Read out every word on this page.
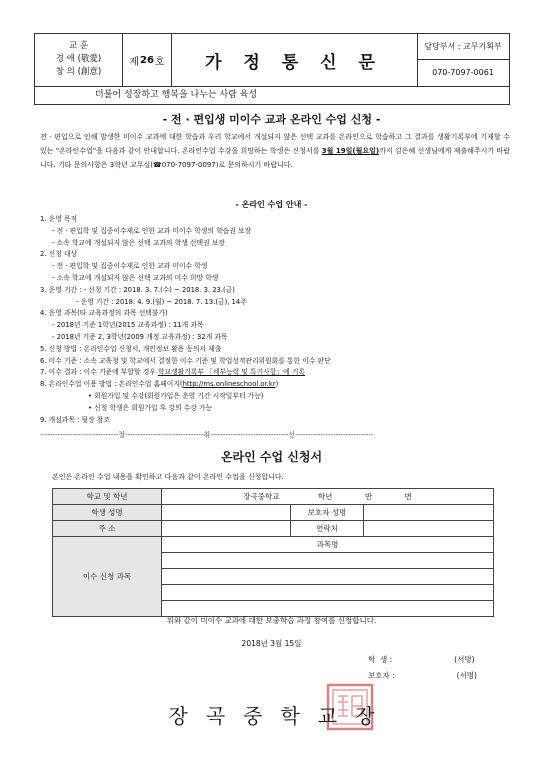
교 훈
경 애 (敬愛)
창 의 (創意)
제 26 호	가 정 통 신 문
담당부서 : 교무기획부
070-7097-0061
더불어 성장하고 행복을 나누는 사람 육성
- 전 · 편입생 미이수 교과 온라인 수업 신청 -
전 · 편입으로 인해 발생한 미이수 교과에 대한 학습과 우리 학교에서 개설되지 않은 선택 교과를 온라인으로 학습하고 그 결과를 생활기록부에 기재할 수 있는 "온라인수업"을 다음과 같이 안내합니다. 온라인수업 수강을 희망하는 학생은 신청서를 3월 19일(월요일)까지 김은혜 선생님에게 제출해주시기 바랍니다. 기타 문의사항은 3학년 교무실(☎070-7097-0097)로 문의하시기 바랍니다.
- 온라인 수업 안내 -
1. 운영 목적
- 전 · 편입학 및 집중이수제로 인한 교과 미이수 학생의 학습권 보장
- 소속 학교에 개설되지 않은 선택 교과의 학생 선택권 보장
2. 신청 대상
- 전 · 편입학 및 집중이수제로 인한 교과 미이수 학생
- 소속 학교에 개설되지 않은 선택 교과의 미수 희망 학생
3. 운영 기간 : - 신청 기간 : 2018. 3. 7.(수) ~ 2018. 3. 23.(금)
- 운영 기간 : 2018. 4. 9.(월) ~ 2018. 7. 13.(금), 14주
4. 운영 과목(타 교육과정의 과목 선택불가)
- 2018년 기준 1학년(2015 교육과정) : 11개 과목
- 2018년 기준 2, 3학년(2009 개정 교육과정) : 32개 과목
5. 신청 방법 : 온라인수업 신청서, 개인정보 활용 동의서 제출
6. 이수 기준 : 소속 교육청 및 학교에서 결정한 이수 기준 및 학업성적관리위원회를 통한 이수 판단
7. 이수 결과 : 이수 기준에 부합할 경우 학교생활기록부 「세부능력 및 특기사항」에 기록
8. 온라인수업 이용 방법 : 온라인수업 홈페이지(http://ms.onlineschool.or.kr)
• 회원가입 및 수강(회원가입은 운영 기간 시작일부터 가능)
• 신청 학생은 회원가입 후 강의 수강 가능
9. 개설과목 : 뒷장 참조
-------------------------------절-------------------------------취-------------------------------선-------------------------------
온라인 수업 신청서
본인은 온라인 수업 내용을 확인하고 다음과 같이 온라인 수업을 신청합니다.
학교 및 학년	장곡중학교 학년 반 번		
학생 성명		보호자 성명	
주 소		연락처	
이수 신청 과목	과목명		

위와 같이 미이수 교과에 대한 보충학습 과정 참여를 신청합니다.
2018년 3월 15일
학  생 :                          (서명)
보호자 :                          (서명)
장곡중학교장
